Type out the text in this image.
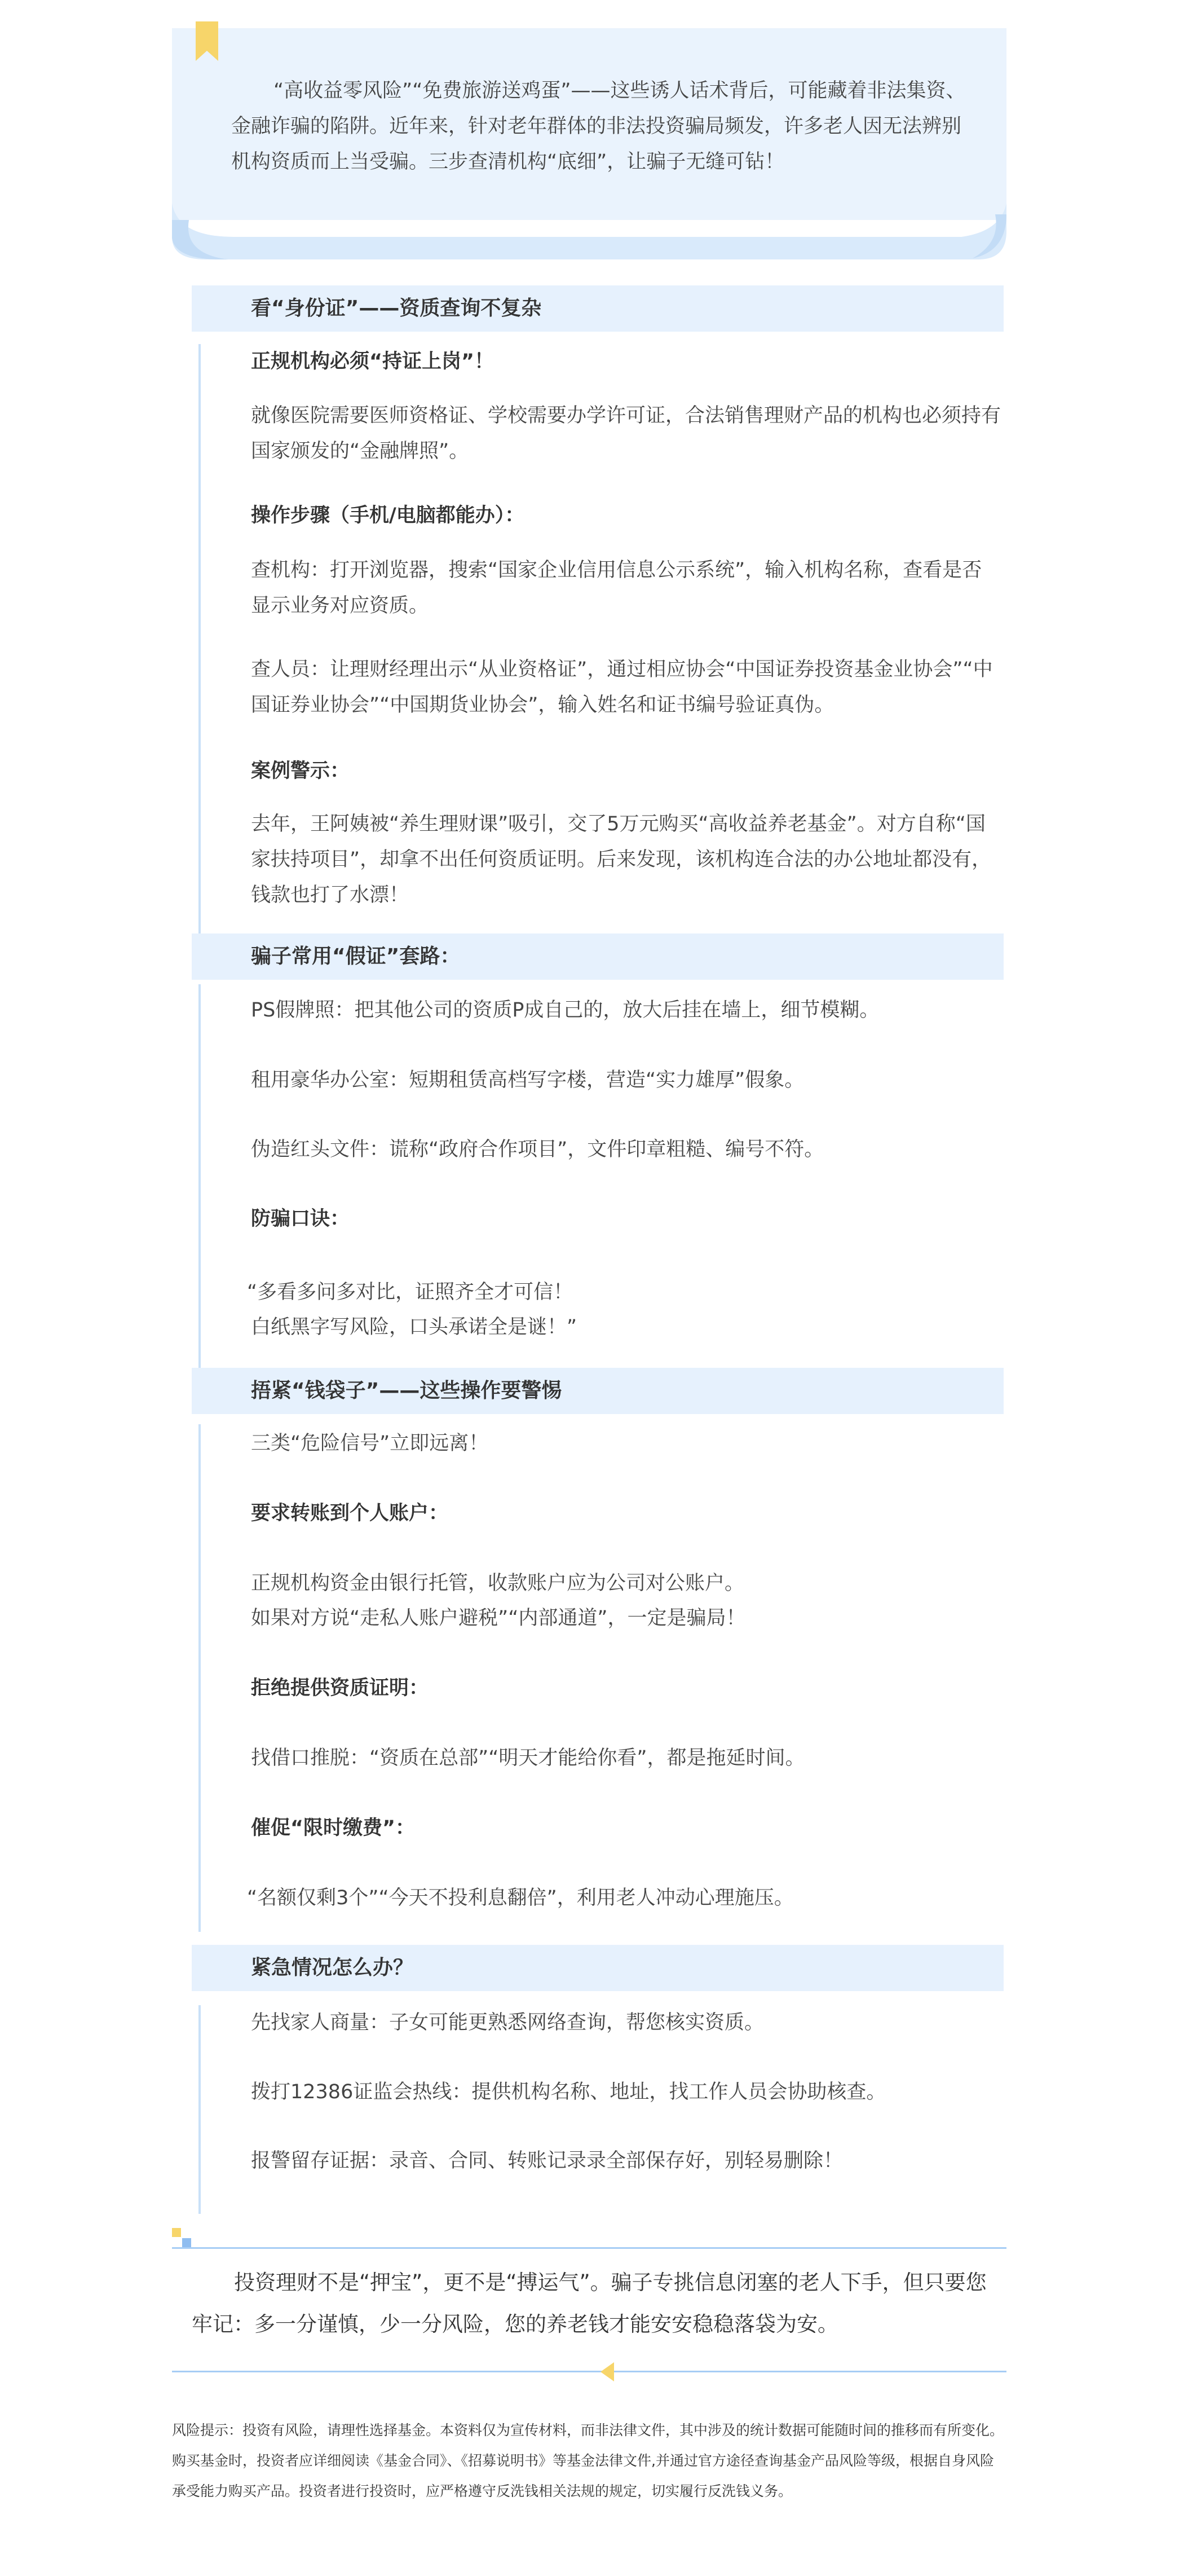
“高收益零风险”“免费旅游送鸡蛋”——这些诱人话术背后，可能藏着非法集资、金融诈骗的陷阱。近年来，针对老年群体的非法投资骗局频发，许多老人因无法辨别机构资质而上当受骗。三步查清机构“底细”，让骗子无缝可钻！

看“身份证”——资质查询不复杂

正规机构必须“持证上岗”！

就像医院需要医师资格证、学校需要办学许可证，合法销售理财产品的机构也必须持有国家颁发的“金融牌照”。

操作步骤（手机/电脑都能办）：

查机构：打开浏览器，搜索“国家企业信用信息公示系统”，输入机构名称，查看是否显示业务对应资质。

查人员：让理财经理出示“从业资格证”，通过相应协会“中国证券投资基金业协会”“中国证券业协会”“中国期货业协会”，输入姓名和证书编号验证真伪。

案例警示：

去年，王阿姨被“养生理财课”吸引，交了5万元购买“高收益养老基金”。对方自称“国家扶持项目”，却拿不出任何资质证明。后来发现，该机构连合法的办公地址都没有，钱款也打了水漂！

骗子常用“假证”套路：

PS假牌照：把其他公司的资质P成自己的，放大后挂在墙上，细节模糊。

租用豪华办公室：短期租赁高档写字楼，营造“实力雄厚”假象。

伪造红头文件：谎称“政府合作项目”，文件印章粗糙、编号不符。

防骗口诀：

“多看多问多对比，证照齐全才可信！

白纸黑字写风险，口头承诺全是谜！”

捂紧“钱袋子”——这些操作要警惕

三类“危险信号”立即远离！

要求转账到个人账户：

正规机构资金由银行托管，收款账户应为公司对公账户。

如果对方说“走私人账户避税”“内部通道”，一定是骗局！

拒绝提供资质证明：

找借口推脱：“资质在总部”“明天才能给你看”，都是拖延时间。

催促“限时缴费”：

“名额仅剩3个”“今天不投利息翻倍”，利用老人冲动心理施压。

紧急情况怎么办？

先找家人商量：子女可能更熟悉网络查询，帮您核实资质。

拨打12386证监会热线：提供机构名称、地址，找工作人员会协助核查。

报警留存证据：录音、合同、转账记录录全部保存好，别轻易删除！

投资理财不是“押宝”，更不是“搏运气”。骗子专挑信息闭塞的老人下手，但只要您牢记：多一分谨慎，少一分风险，您的养老钱才能安安稳稳落袋为安。

风险提示：投资有风险，请理性选择基金。本资料仅为宣传材料，而非法律文件，其中涉及的统计数据可能随时间的推移而有所变化。购买基金时，投资者应详细阅读《基金合同》、《招募说明书》等基金法律文件,并通过官方途径查询基金产品风险等级，根据自身风险承受能力购买产品。投资者进行投资时，应严格遵守反洗钱相关法规的规定，切实履行反洗钱义务。
